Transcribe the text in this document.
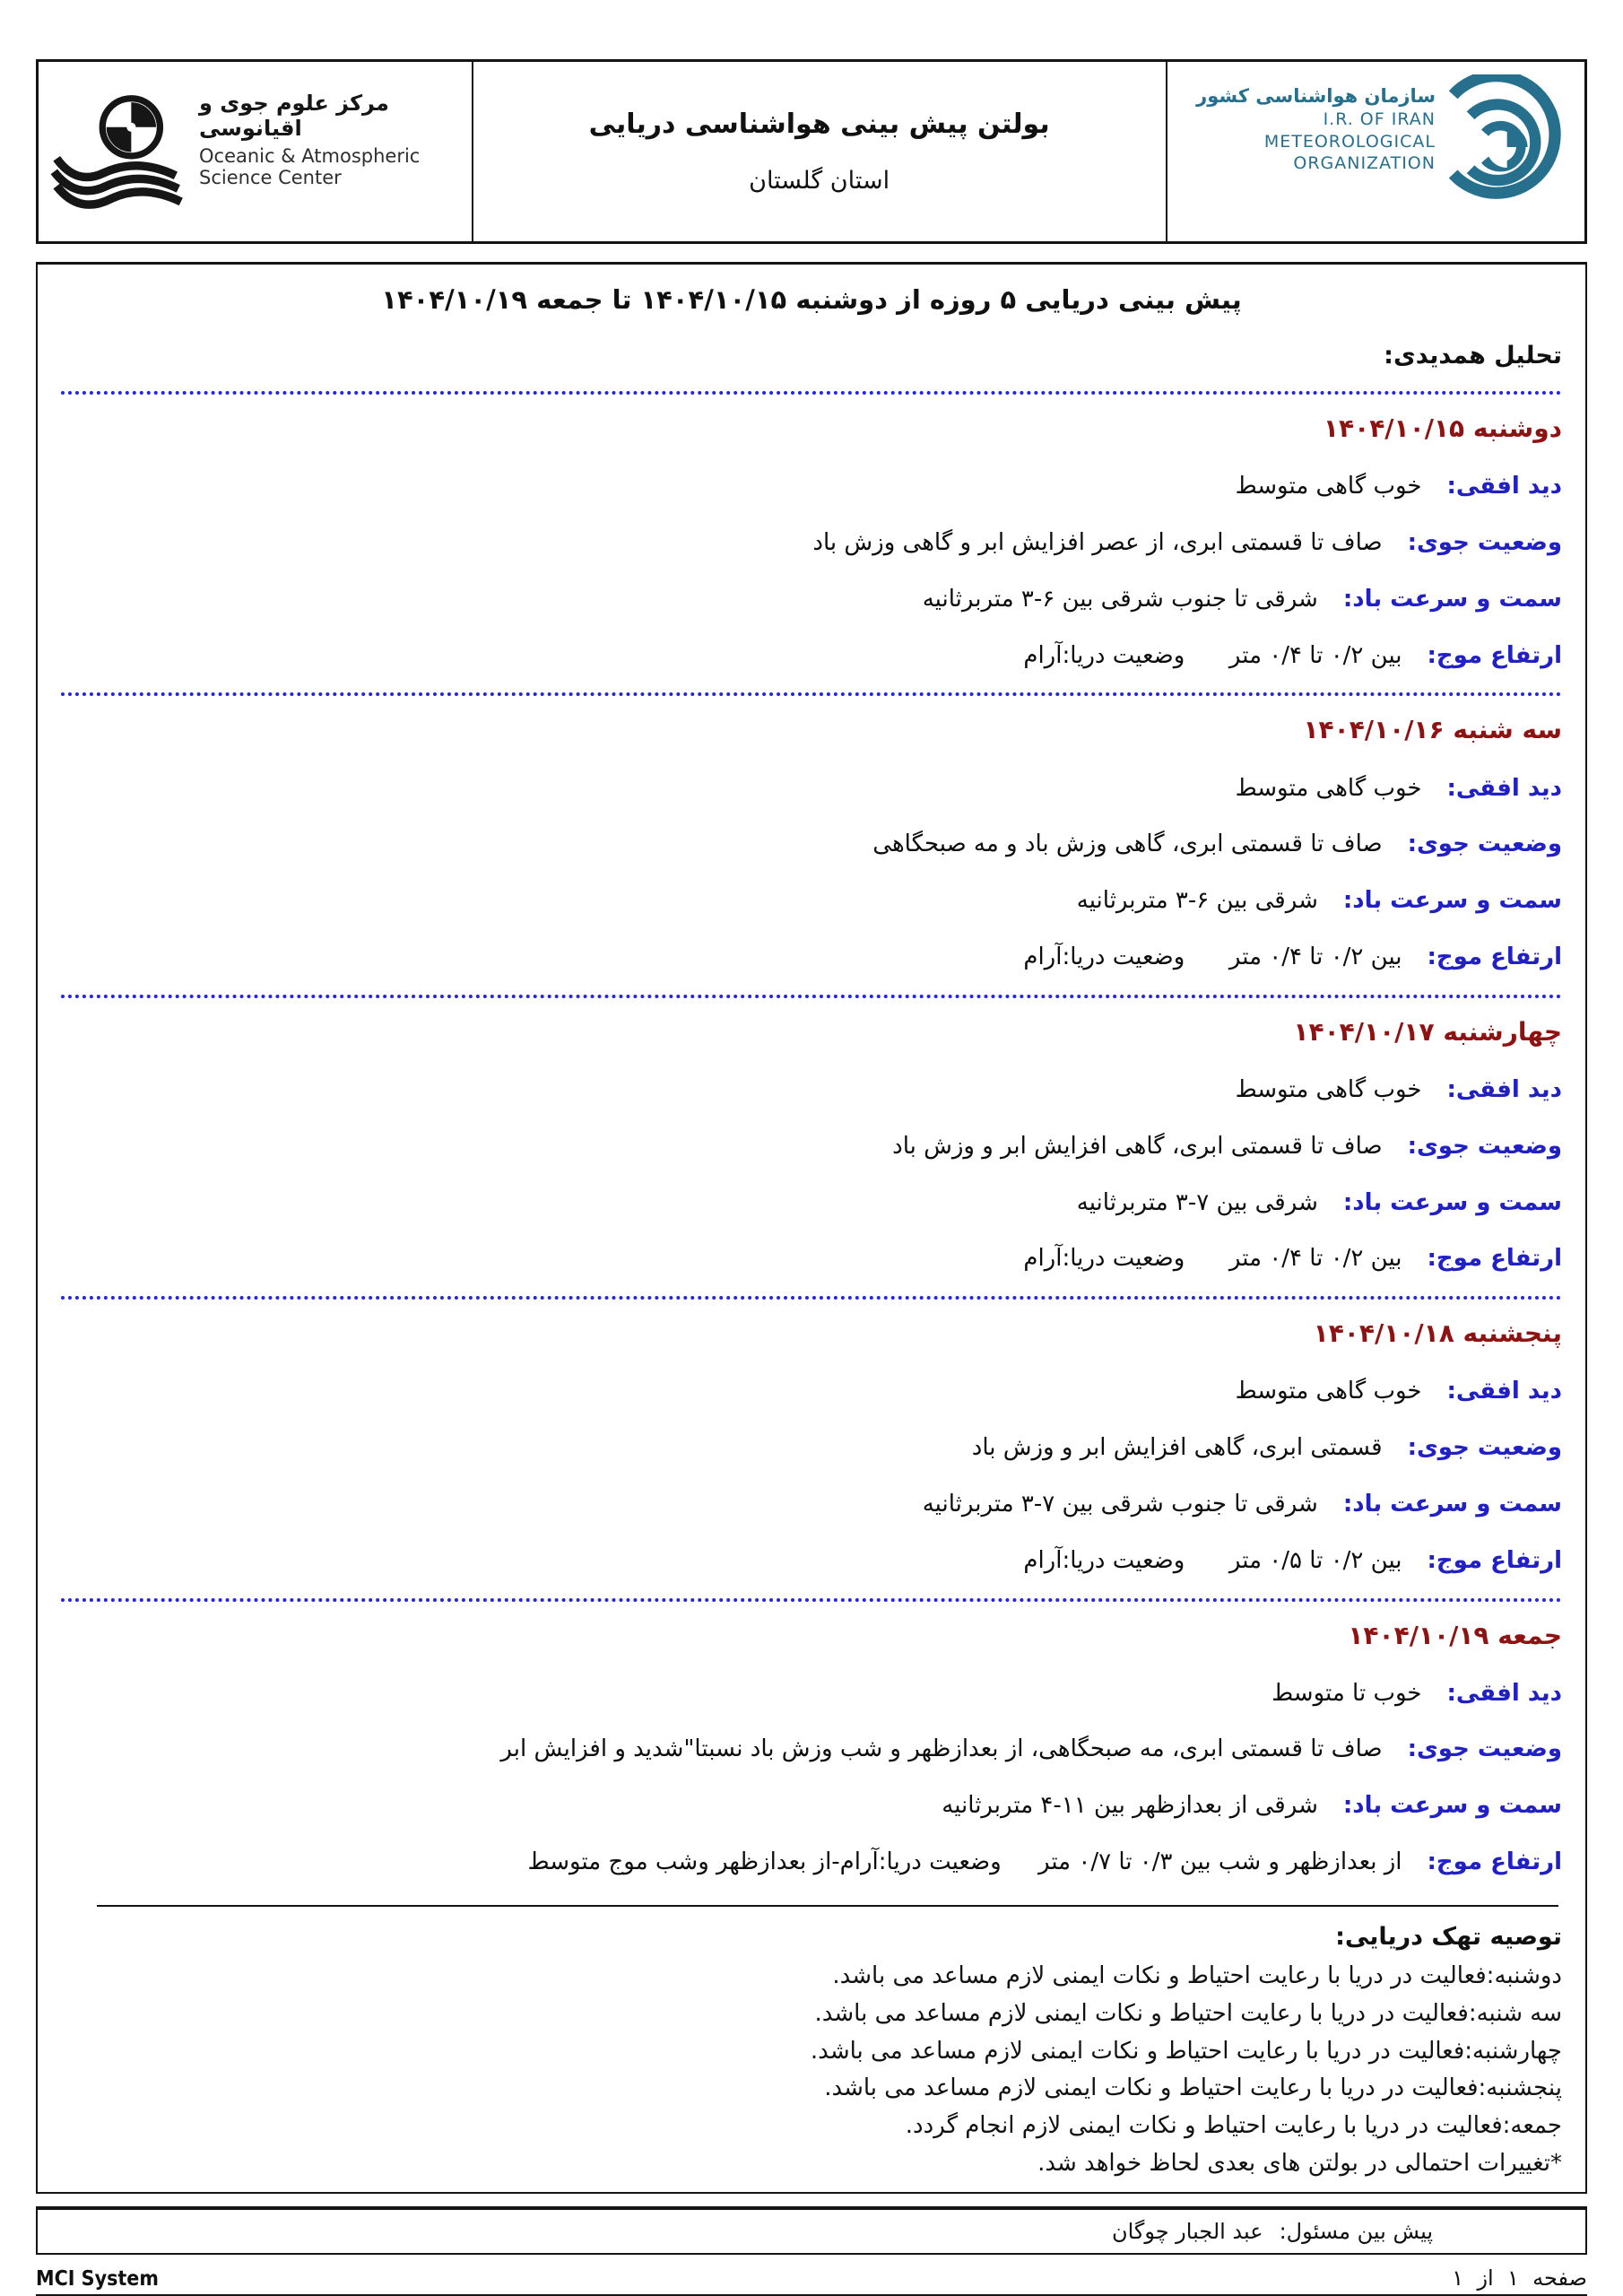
مرکز علوم جوی و اقیانوسی
Oceanic & Atmospheric
Science Center
بولتن پیش بینی هواشناسی دریایی
استان گلستان
سازمان هواشناسی کشور
I.R. OF IRAN
METEOROLOGICAL
ORGANIZATION
پیش بینی دریایی ۵ روزه از دوشنبه ۱۴۰۴/۱۰/۱۵ تا جمعه ۱۴۰۴/۱۰/۱۹
تحلیل همدیدی:
دوشنبه ۱۴۰۴/۱۰/۱۵
دید افقی:
خوب گاهی متوسط
وضعیت جوی:
صاف تا قسمتی ابری، از عصر افزایش ابر و گاهی وزش باد
سمت و سرعت باد:
شرقی تا جنوب شرقی بین ⁦۳-۶⁩ متربرثانیه
ارتفاع موج:
بین ۰/۲ تا ۰/۴ متر      وضعیت دریا:آرام
سه شنبه ۱۴۰۴/۱۰/۱۶
دید افقی:
خوب گاهی متوسط
وضعیت جوی:
صاف تا قسمتی ابری، گاهی وزش باد و مه صبحگاهی
سمت و سرعت باد:
شرقی بین ⁦۳-۶⁩ متربرثانیه
ارتفاع موج:
بین ۰/۲ تا ۰/۴ متر      وضعیت دریا:آرام
چهارشنبه ۱۴۰۴/۱۰/۱۷
دید افقی:
خوب گاهی متوسط
وضعیت جوی:
صاف تا قسمتی ابری، گاهی افزایش ابر و وزش باد
سمت و سرعت باد:
شرقی بین ⁦۳-۷⁩ متربرثانیه
ارتفاع موج:
بین ۰/۲ تا ۰/۴ متر      وضعیت دریا:آرام
پنجشنبه ۱۴۰۴/۱۰/۱۸
دید افقی:
خوب گاهی متوسط
وضعیت جوی:
قسمتی ابری، گاهی افزایش ابر و وزش باد
سمت و سرعت باد:
شرقی تا جنوب شرقی بین ⁦۳-۷⁩ متربرثانیه
ارتفاع موج:
بین ۰/۲ تا ۰/۵ متر      وضعیت دریا:آرام
جمعه ۱۴۰۴/۱۰/۱۹
دید افقی:
خوب تا متوسط
وضعیت جوی:
صاف تا قسمتی ابری، مه صبحگاهی، از بعدازظهر و شب وزش باد نسبتا"شدید و افزایش ابر
سمت و سرعت باد:
شرقی از بعدازظهر بین ⁦۴-۱۱⁩ متربرثانیه
ارتفاع موج:
از بعدازظهر و شب بین ۰/۳ تا ۰/۷ متر     وضعیت دریا:آرام-از بعدازظهر وشب موج متوسط
توصیه تهک دریایی:
دوشنبه:فعالیت در دریا با رعایت احتیاط و نکات ایمنی لازم مساعد می باشد.
سه شنبه:فعالیت در دریا با رعایت احتیاط و نکات ایمنی لازم مساعد می باشد.
چهارشنبه:فعالیت در دریا با رعایت احتیاط و نکات ایمنی لازم مساعد می باشد.
پنجشنبه:فعالیت در دریا با رعایت احتیاط و نکات ایمنی لازم مساعد می باشد.
جمعه:فعالیت در دریا با رعایت احتیاط و نکات ایمنی لازم انجام گردد.
*تغییرات احتمالی در بولتن های بعدی لحاظ خواهد شد.
پیش بین مسئول:
عبد الجبار چوگان
MCI System	صفحه  ۱  از  ۱
